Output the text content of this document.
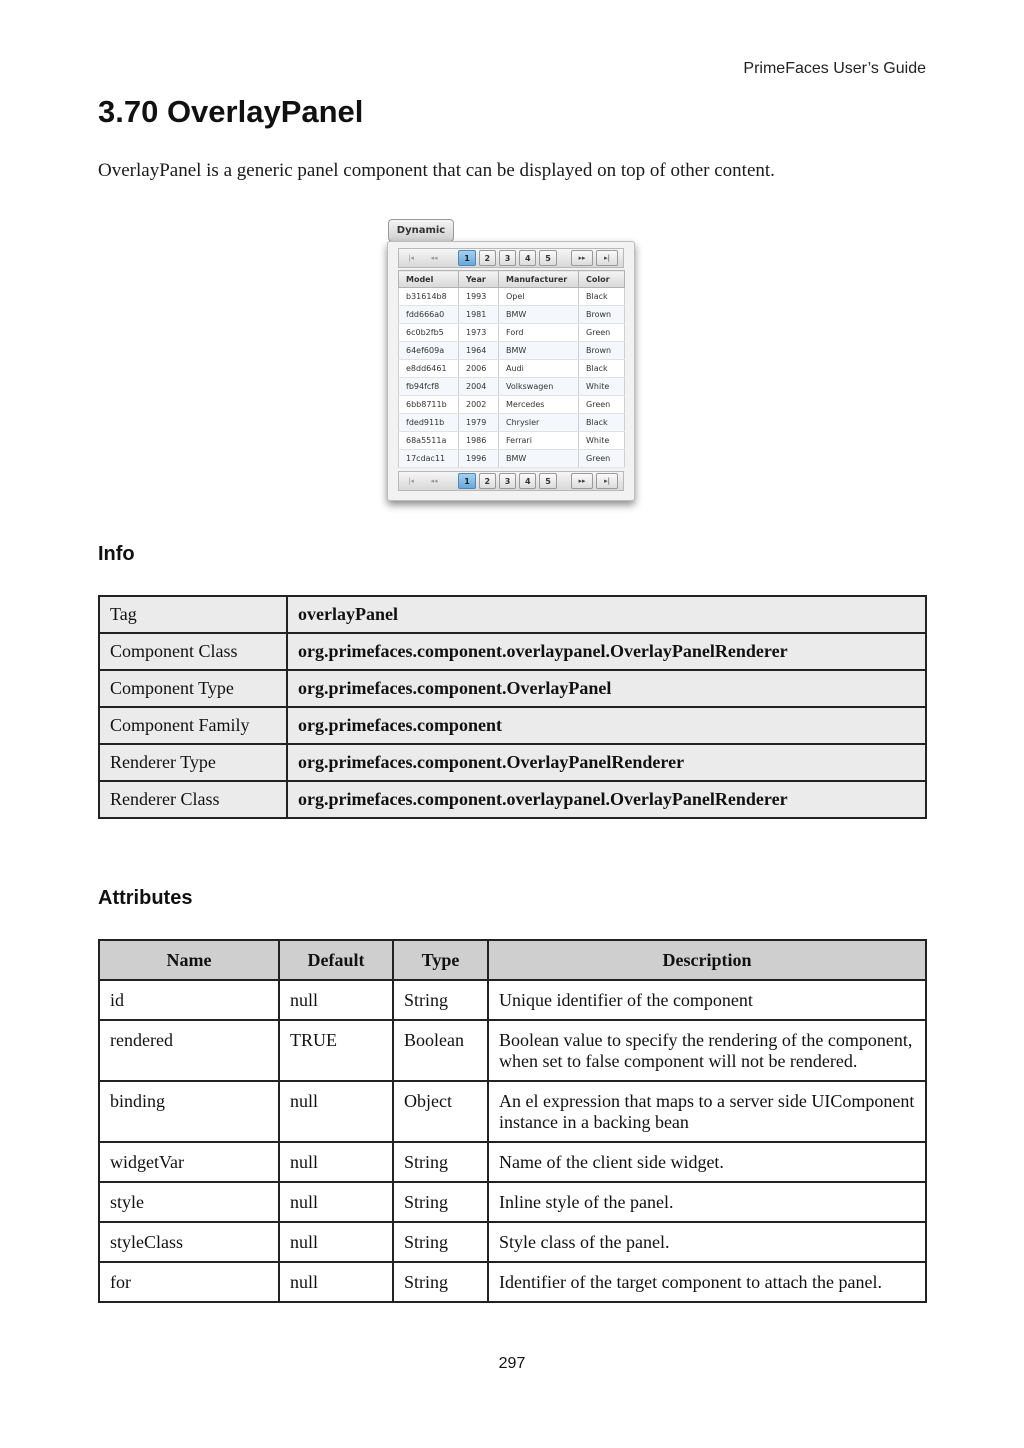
PrimeFaces User’s Guide
3.70 OverlayPanel

OverlayPanel is a generic panel component that can be displayed on top of other content.

Dynamic
|◂	◂◂	1	2	3	4	5	▸▸	▸|
Model	Year	Manufacturer	Color
b31614b8	1993	Opel	Black
fdd666a0	1981	BMW	Brown
6c0b2fb5	1973	Ford	Green
64ef609a	1964	BMW	Brown
e8dd6461	2006	Audi	Black
fb94fcf8	2004	Volkswagen	White
6bb8711b	2002	Mercedes	Green
fded911b	1979	Chrysler	Black
68a5511a	1986	Ferrari	White
17cdac11	1996	BMW	Green
|◂	◂◂	1	2	3	4	5	▸▸	▸|
Info
Tag	overlayPanel
Component Class	org.primefaces.component.overlaypanel.OverlayPanelRenderer
Component Type	org.primefaces.component.OverlayPanel
Component Family	org.primefaces.component
Renderer Type	org.primefaces.component.OverlayPanelRenderer
Renderer Class	org.primefaces.component.overlaypanel.OverlayPanelRenderer
Attributes
Name	Default	Type	Description
id	null	String	Unique identifier of the component
rendered	TRUE	Boolean	Boolean value to specify the rendering of the component, when set to false component will not be rendered.
binding	null	Object	An el expression that maps to a server side UIComponent instance in a backing bean
widgetVar	null	String	Name of the client side widget.
style	null	String	Inline style of the panel.
styleClass	null	String	Style class of the panel.
for	null	String	Identifier of the target component to attach the panel.
297
